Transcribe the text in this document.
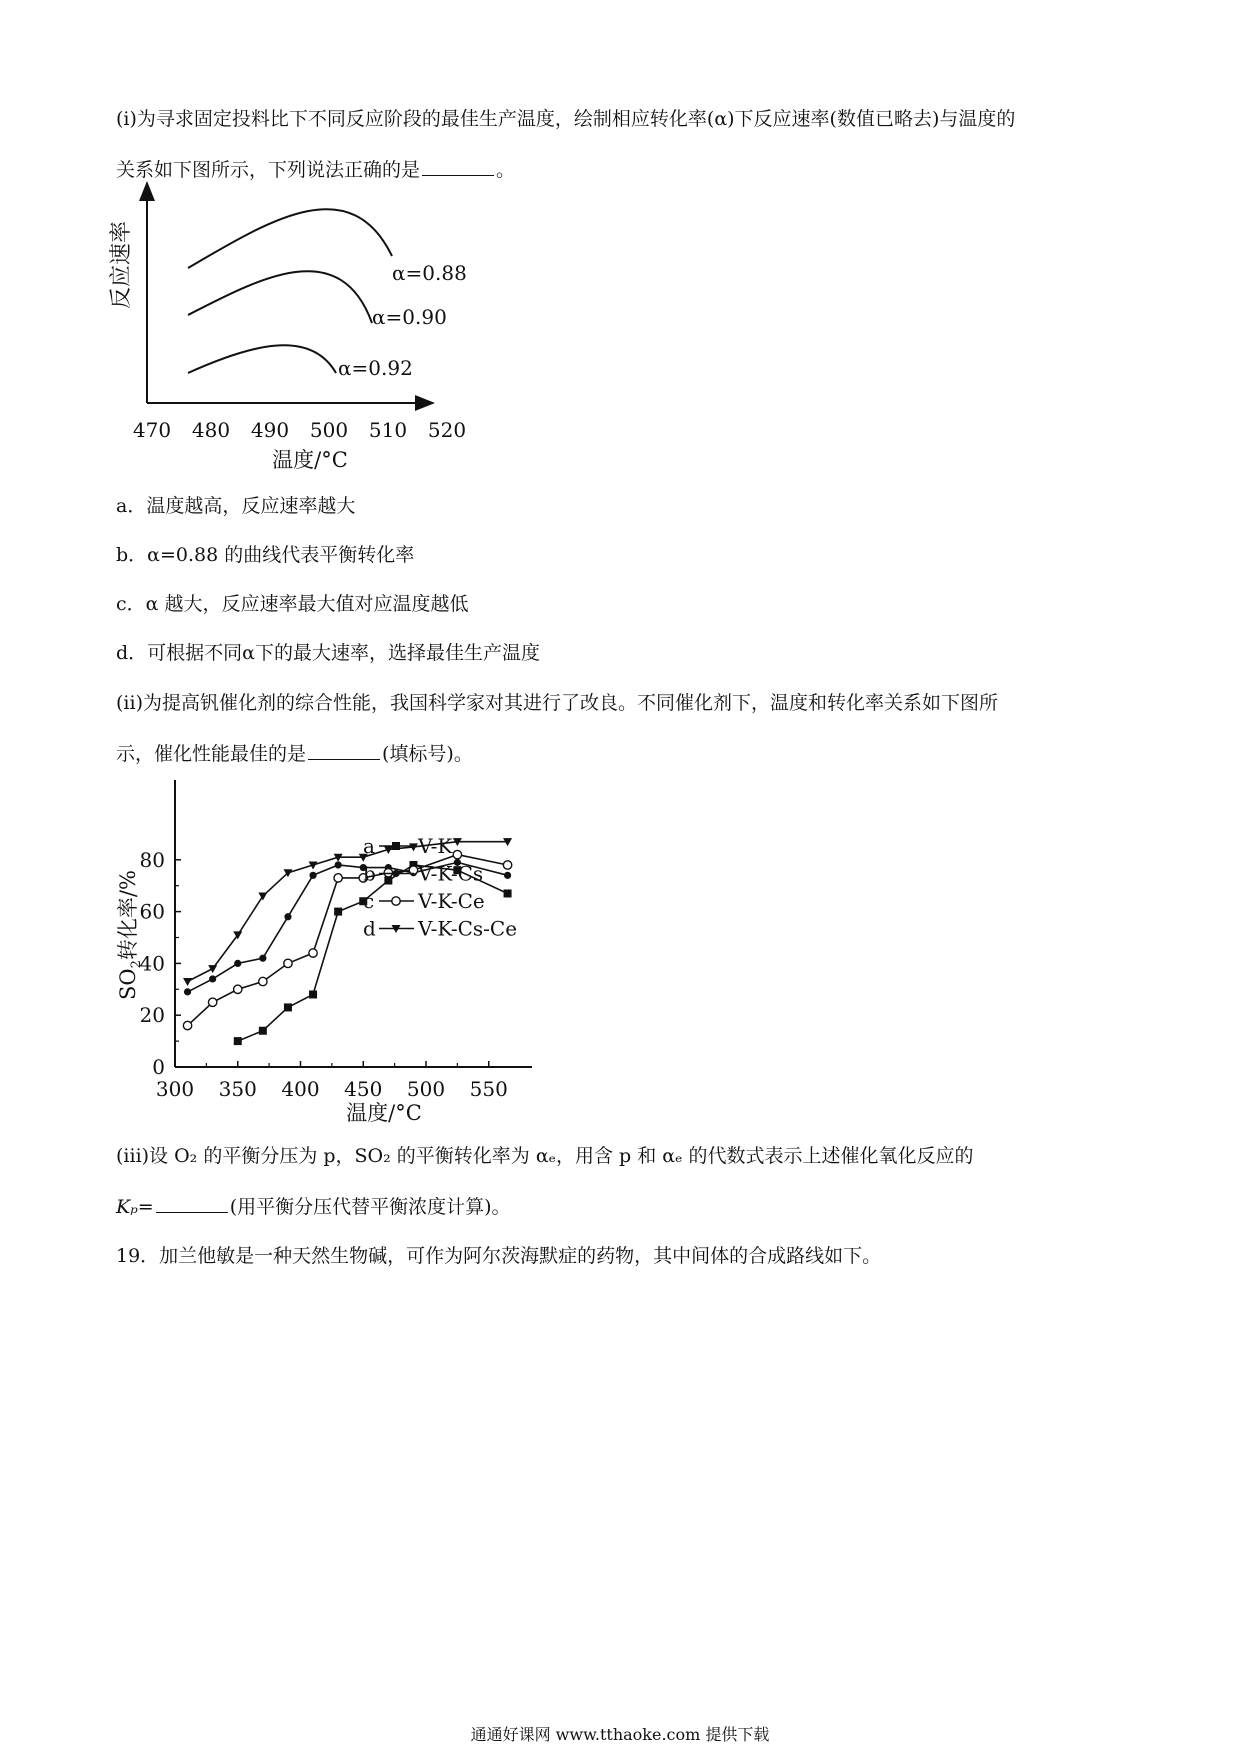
(i)为寻求固定投料比下不同反应阶段的最佳生产温度，绘制相应转化率(α)下反应速率(数值已略去)与温度的
关系如下图所示，下列说法正确的是	。
α=0.88
α=0.90
α=0.92
470 480 490 500 510 520
温度/°C
反应速率
a．温度越高，反应速率越大
b．α=0.88 的曲线代表平衡转化率
c．α 越大，反应速率最大值对应温度越低
d．可根据不同α下的最大速率，选择最佳生产温度
(ii)为提高钒催化剂的综合性能，我国科学家对其进行了改良。不同催化剂下，温度和转化率关系如下图所
示，催化性能最佳的是	(填标号)。
300 350 400 450 500 550
0
20
40
60
80
a V-K
b V-K-Cs
c V-K-Ce
d V-K-Cs-Ce
温度/°C
$SO_2$转化率/%
(iii)设 O₂ 的平衡分压为 p，SO₂ 的平衡转化率为 αₑ，用含 p 和 αₑ 的代数式表示上述催化氧化反应的
Kₚ=	(用平衡分压代替平衡浓度计算)。
19．加兰他敏是一种天然生物碱，可作为阿尔茨海默症的药物，其中间体的合成路线如下。
通通好课网 www.tthaoke.com 提供下载
